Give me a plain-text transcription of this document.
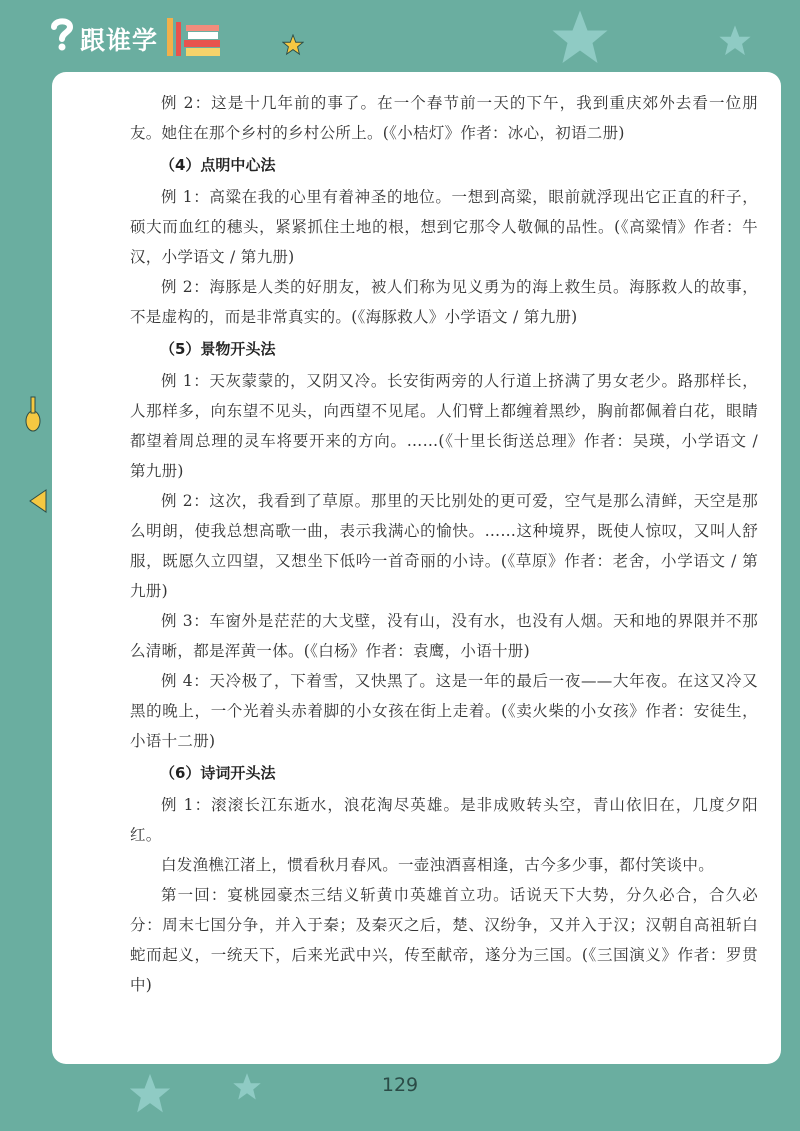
跟谁学

例 2：这是十几年前的事了。在一个春节前一天的下午，我到重庆郊外去看一位朋友。她住在那个乡村的乡村公所上。(《小桔灯》作者：冰心，初语二册)

（4）点明中心法

例 1：高粱在我的心里有着神圣的地位。一想到高粱，眼前就浮现出它正直的秆子，硕大而血红的穗头，紧紧抓住土地的根，想到它那令人敬佩的品性。(《高粱情》作者：牛汉，小学语文 / 第九册)

例 2：海豚是人类的好朋友，被人们称为见义勇为的海上救生员。海豚救人的故事，不是虚构的，而是非常真实的。(《海豚救人》小学语文 / 第九册)

（5）景物开头法

例 1：天灰蒙蒙的，又阴又冷。长安街两旁的人行道上挤满了男女老少。路那样长，人那样多，向东望不见头，向西望不见尾。人们臂上都缠着黑纱，胸前都佩着白花，眼睛都望着周总理的灵车将要开来的方向。……(《十里长街送总理》作者：吴瑛，小学语文 / 第九册)

例 2：这次，我看到了草原。那里的天比别处的更可爱，空气是那么清鲜，天空是那么明朗，使我总想高歌一曲，表示我满心的愉快。……这种境界，既使人惊叹，又叫人舒服，既愿久立四望，又想坐下低吟一首奇丽的小诗。(《草原》作者：老舍，小学语文 / 第九册)

例 3：车窗外是茫茫的大戈壁，没有山，没有水，也没有人烟。天和地的界限并不那么清晰，都是浑黄一体。(《白杨》作者：袁鹰，小语十册)

例 4：天冷极了，下着雪，又快黑了。这是一年的最后一夜——大年夜。在这又冷又黑的晚上，一个光着头赤着脚的小女孩在街上走着。(《卖火柴的小女孩》作者：安徒生，小语十二册)

（6）诗词开头法

例 1：滚滚长江东逝水，浪花淘尽英雄。是非成败转头空，青山依旧在，几度夕阳红。

白发渔樵江渚上，惯看秋月春风。一壶浊酒喜相逢，古今多少事，都付笑谈中。

第一回：宴桃园豪杰三结义斩黄巾英雄首立功。话说天下大势，分久必合，合久必分：周末七国分争，并入于秦；及秦灭之后，楚、汉纷争，又并入于汉；汉朝自高祖斩白蛇而起义，一统天下，后来光武中兴，传至献帝，遂分为三国。(《三国演义》作者：罗贯中)

129
